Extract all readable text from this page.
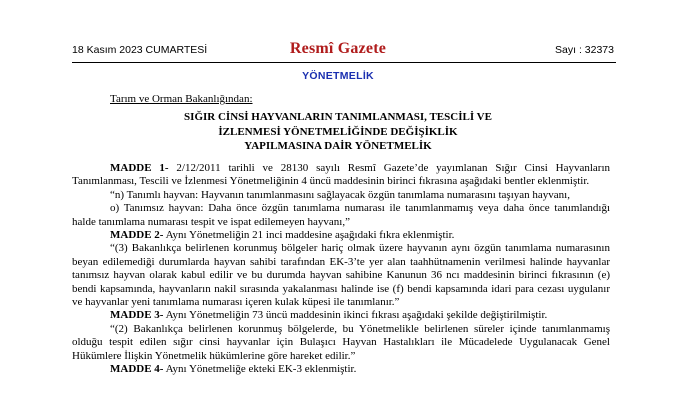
18 Kasım 2023 CUMARTESİ	Resmî Gazete	Sayı : 32373
YÖNETMELİK
Tarım ve Orman Bakanlığından:
SIĞIR CİNSİ HAYVANLARIN TANIMLANMASI, TESCİLİ VE
İZLENMESİ YÖNETMELİĞİNDE DEĞİŞİKLİK
YAPILMASINA DAİR YÖNETMELİK

MADDE 1- 2/12/2011 tarihli ve 28130 sayılı Resmî Gazete’de yayımlanan Sığır Cinsi Hayvanların Tanımlanması, Tescili ve İzlenmesi Yönetmeliğinin 4 üncü maddesinin birinci fıkrasına aşağıdaki bentler eklenmiştir.

“n) Tanımlı hayvan: Hayvanın tanımlanmasını sağlayacak özgün tanımlama numarasını taşıyan hayvanı,

o) Tanımsız hayvan: Daha önce özgün tanımlama numarası ile tanımlanmamış veya daha önce tanımlandığı halde tanımlama numarası tespit ve ispat edilemeyen hayvanı,”

MADDE 2- Aynı Yönetmeliğin 21 inci maddesine aşağıdaki fıkra eklenmiştir.

“(3) Bakanlıkça belirlenen korunmuş bölgeler hariç olmak üzere hayvanın aynı özgün tanımlama numarasının beyan edilemediği durumlarda hayvan sahibi tarafından EK-3’te yer alan taahhütnamenin verilmesi halinde hayvanlar tanımsız hayvan olarak kabul edilir ve bu durumda hayvan sahibine Kanunun 36 ncı maddesinin birinci fıkrasının (e) bendi kapsamında, hayvanların nakil sırasında yakalanması halinde ise (f) bendi kapsamında idari para cezası uygulanır ve hayvanlar yeni tanımlama numarası içeren kulak küpesi ile tanımlanır.”

MADDE 3- Aynı Yönetmeliğin 73 üncü maddesinin ikinci fıkrası aşağıdaki şekilde değiştirilmiştir.

“(2) Bakanlıkça belirlenen korunmuş bölgelerde, bu Yönetmelikle belirlenen süreler içinde tanımlanmamış olduğu tespit edilen sığır cinsi hayvanlar için Bulaşıcı Hayvan Hastalıkları ile Mücadelede Uygulanacak Genel Hükümlere İlişkin Yönetmelik hükümlerine göre hareket edilir.”

MADDE 4- Aynı Yönetmeliğe ekteki EK-3 eklenmiştir.
